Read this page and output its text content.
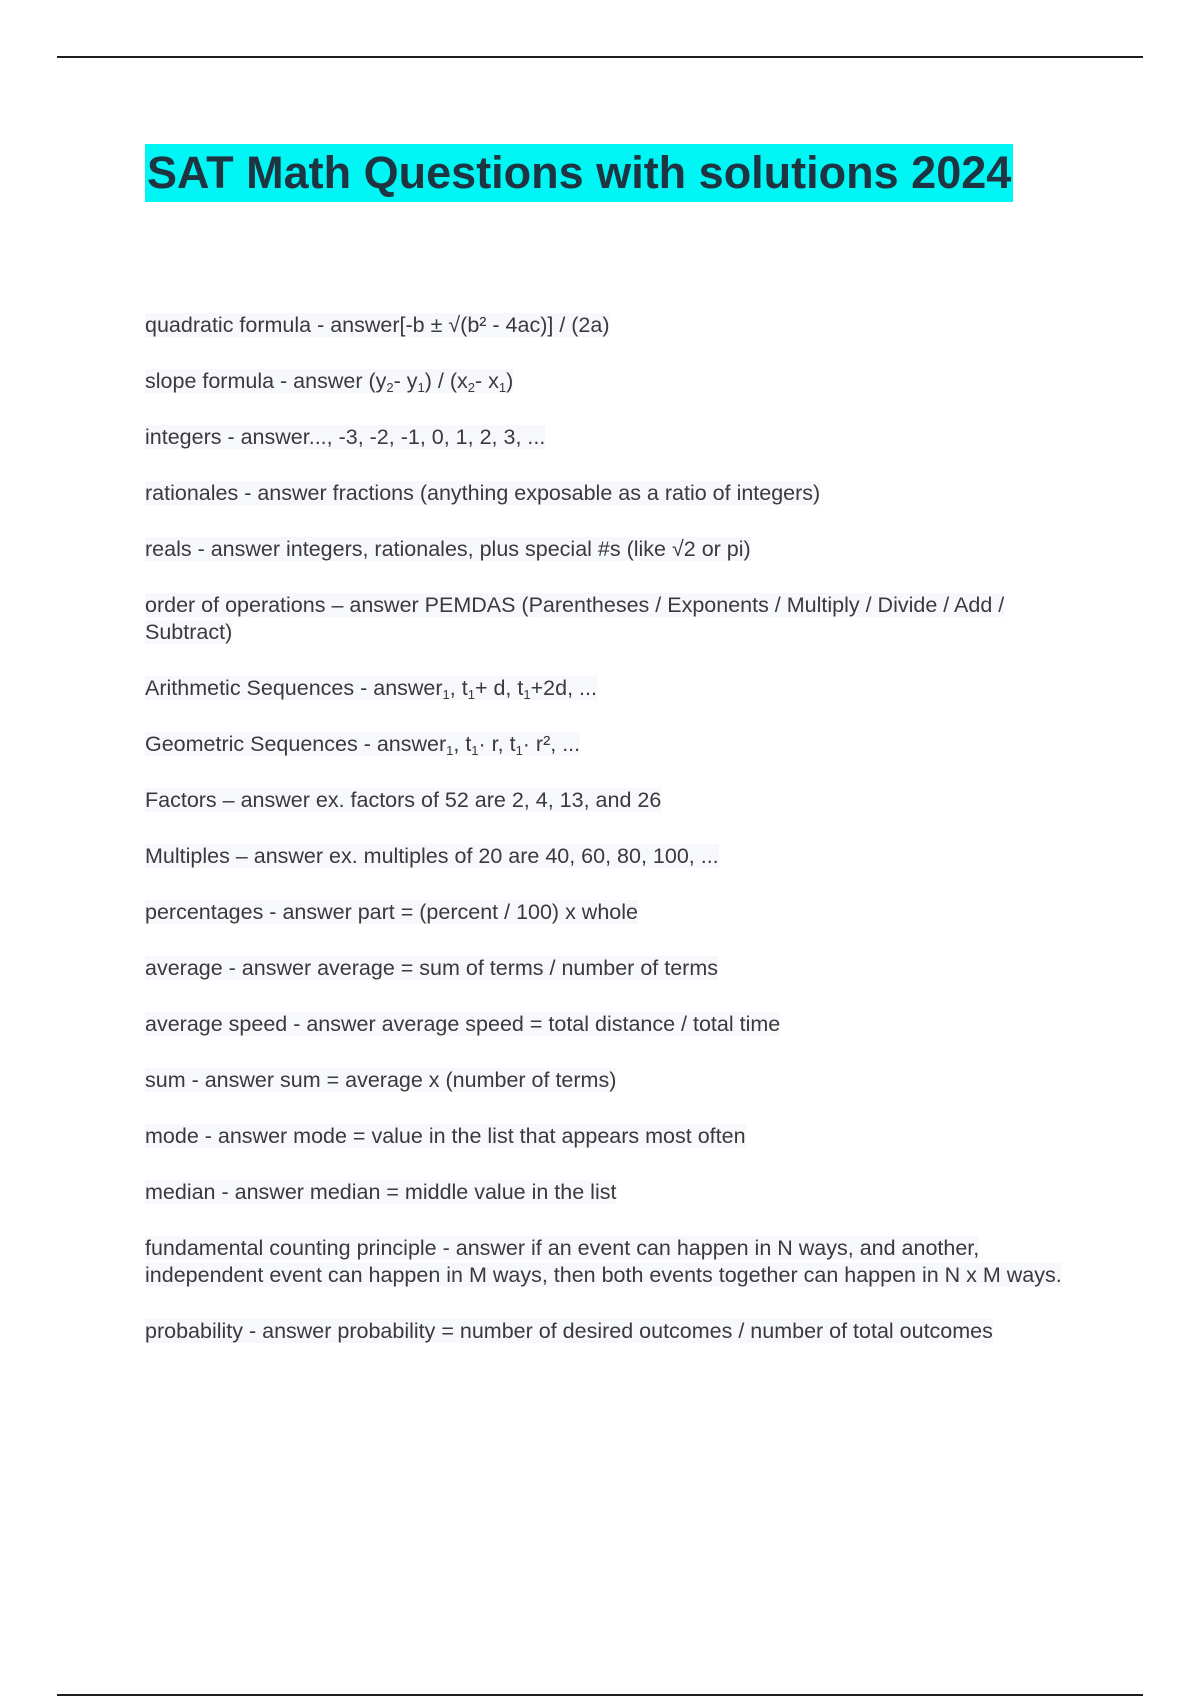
SAT Math Questions with solutions 2024
quadratic formula - answer[-b ± √(b² - 4ac)] / (2a)
slope formula - answer ($y_2-$ $y_1) / (x_2-$ $x_1$)
integers - answer..., -3, -2, -1, 0, 1, 2, 3, ...
rationales - answer fractions (anything exposable as a ratio of integers)
reals - answer integers, rationales, plus special #s (like √2 or pi)
order of operations – answer PEMDAS (Parentheses / Exponents / Multiply / Divide / Add / Subtract)
Arithmetic Sequences - answer$_1$, $t_1+ d$, $t_1+2d$, ...
Geometric Sequences - answer$_1$, $t_1\cdot r$, $t_1\cdot r^2$, ...
Factors – answer ex. factors of 52 are 2, 4, 13, and 26
Multiples – answer ex. multiples of 20 are 40, 60, 80, 100, ...
percentages - answer part = (percent / 100) x whole
average - answer average = sum of terms / number of terms
average speed - answer average speed = total distance / total time
sum - answer sum = average x (number of terms)
mode - answer mode = value in the list that appears most often
median - answer median = middle value in the list
fundamental counting principle - answer if an event can happen in N ways, and another, independent event can happen in M ways, then both events together can happen in N x M ways.
probability - answer probability = number of desired outcomes / number of total outcomes
